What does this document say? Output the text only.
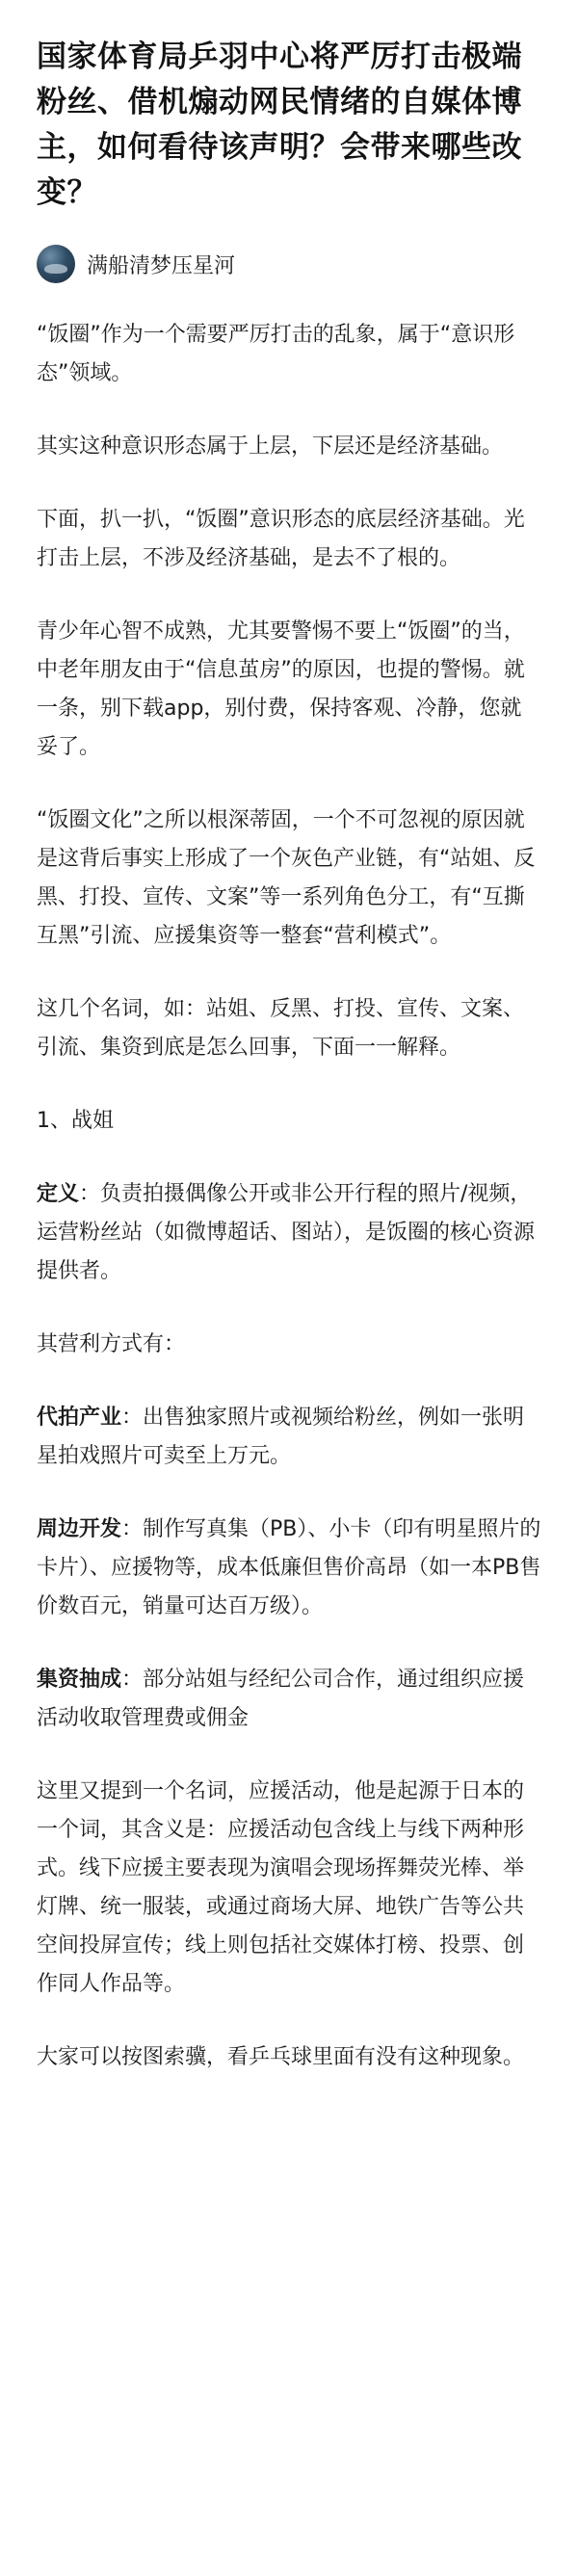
国家体育局乒羽中心将严厉打击极端粉丝、借机煽动网民情绪的自媒体博主，如何看待该声明？会带来哪些改变？
满船清梦压星河

“饭圈”作为一个需要严厉打击的乱象，属于“意识形态”领域。

其实这种意识形态属于上层，下层还是经济基础。

下面，扒一扒，“饭圈”意识形态的底层经济基础。光打击上层，不涉及经济基础，是去不了根的。

青少年心智不成熟，尤其要警惕不要上“饭圈”的当，中老年朋友由于“信息茧房”的原因，也提的警惕。就一条，别下载app，别付费，保持客观、冷静，您就妥了。

“饭圈文化”之所以根深蒂固，一个不可忽视的原因就是这背后事实上形成了一个灰色产业链，有“站姐、反黑、打投、宣传、文案”等一系列角色分工，有“互撕互黑”引流、应援集资等一整套“营利模式”。

这几个名词，如：站姐、反黑、打投、宣传、文案、引流、集资到底是怎么回事，下面一一解释。

1、战姐

定义：负责拍摄偶像公开或非公开行程的照片/视频，运营粉丝站（如微博超话、图站），是饭圈的核心资源提供者。

其营利方式有：

代拍产业：出售独家照片或视频给粉丝，例如一张明星拍戏照片可卖至上万元。

周边开发：制作写真集（PB）、小卡（印有明星照片的卡片）、应援物等，成本低廉但售价高昂（如一本PB售价数百元，销量可达百万级）。

集资抽成：部分站姐与经纪公司合作，通过组织应援活动收取管理费或佣金

这里又提到一个名词，应援活动，他是起源于日本的一个词，其含义是：应援活动包含线上与线下两种形式。线下应援主要表现为演唱会现场挥舞荧光棒、举灯牌、统一服装，或通过商场大屏、地铁广告等公共空间投屏宣传；线上则包括社交媒体打榜、投票、创作同人作品等。

大家可以按图索骥，看乒乓球里面有没有这种现象。
